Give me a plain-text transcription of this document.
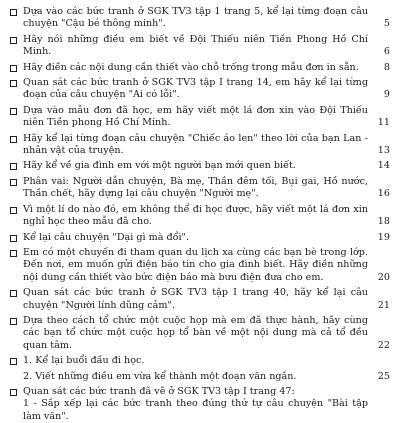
Dựa vào các bức tranh ở SGK TV3 tập 1 trang 5, kể lại từng đoạn câu chuyện "Cậu bé thông minh".	5
Hãy nói những điều em biết về Đội Thiếu niên Tiền Phong Hồ Chí Minh.	6
Hãy điền các nội dung cần thiết vào chỗ trống trong mẫu đơn in sẵn.	8
Quan sát các bức tranh ở SGK TV3 tập I trang 14, em hãy kể lại từng đoạn của câu chuyện "Ai có lỗi".	9
Dựa vào mẫu đơn đã học, em hãy viết một lá đơn xin vào Đội Thiếu niên Tiền phong Hồ Chí Minh.	11
Hãy kể lại từng đoạn câu chuyện "Chiếc áo len" theo lời của bạn Lan - nhân vật của truyện.	13
Hãy kể về gia đình em với một người bạn mới quen biết.	14
Phân vai: Người dẫn chuyện, Bà mẹ, Thần đêm tối, Bụi gai, Hồ nước, Thần chết, hãy dựng lại câu chuyện "Người mẹ".	16
Vì một lí do nào đó, em không thể đi học được, hãy viết một lá đơn xin nghỉ học theo mẫu đã cho.	18
Kể lại câu chuyện "Dại gì mà đổi".	19
Em có một chuyến đi tham quan du lịch xa cùng các bạn bè trong lớp. Đến nơi, em muốn gửi điện báo tin cho gia đình biết. Hãy điền những nội dung cần thiết vào bức điện báo mà bưu điện đưa cho em.	20
Quan sát các bức tranh ở SGK TV3 tập I trang 40, hãy kể lại câu chuyện "Người lính dũng cảm".	21
Dựa theo cách tổ chức một cuộc họp mà em đã thực hành, hãy cùng các bạn tổ chức một cuộc họp tổ bàn về một nội dung mà cả tổ đều quan tâm.	22
1. Kể lại buổi đầu đi học.
2. Viết những điều em vừa kể thành một đoạn văn ngắn.	25
Quan sát các bức tranh đã vẽ ở SGK TV3 tập I trang 47:
1 - Sắp xếp lại các bức tranh theo đúng thứ tự câu chuyện "Bài tập làm văn".
